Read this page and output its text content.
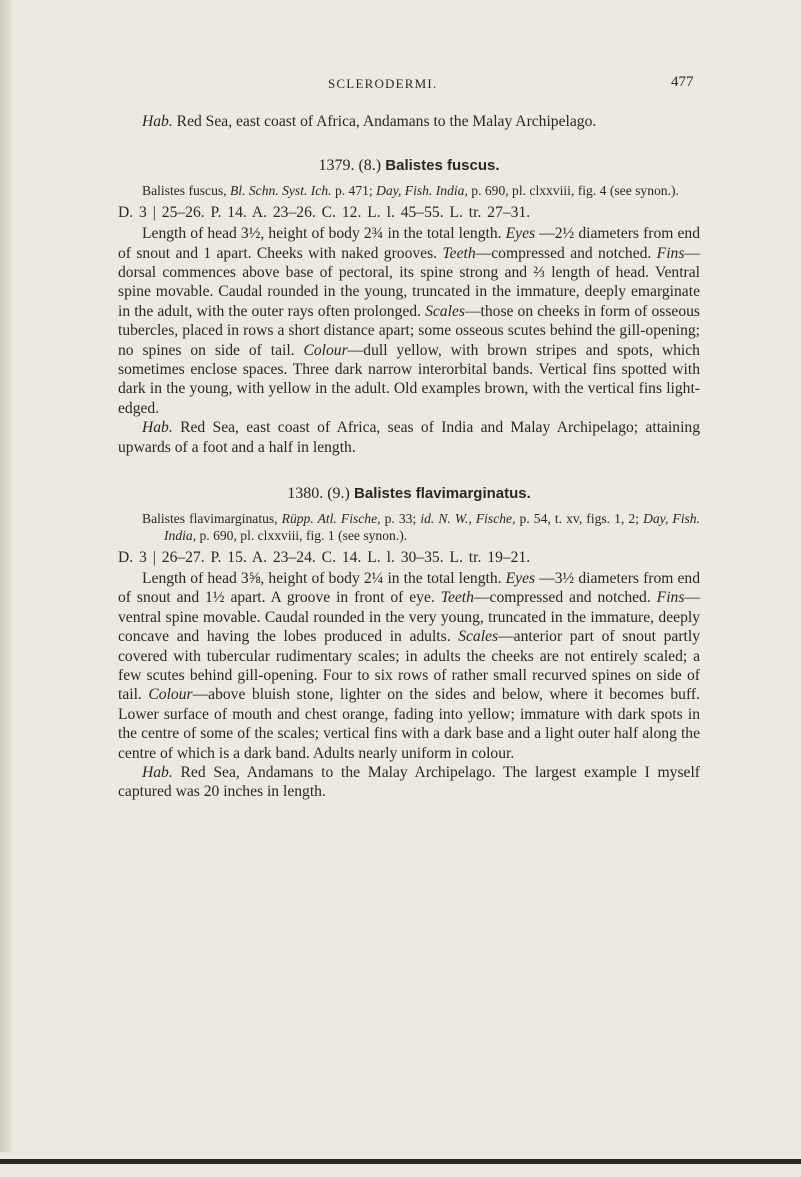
SCLERODERMI.	477

Hab. Red Sea, east coast of Africa, Andamans to the Malay Archipelago.

1379. (8.) Balistes fuscus.

Balistes fuscus, Bl. Schn. Syst. Ich. p. 471; Day, Fish. India, p. 690, pl. clxxviii, fig. 4 (see synon.).

D. 3 | 25–26. P. 14. A. 23–26. C. 12. L. l. 45–55. L. tr. 27–31.

Length of head 3½, height of body 2¾ in the total length. Eyes —2½ diameters from end of snout and 1 apart. Cheeks with naked grooves. Teeth—compressed and notched. Fins—dorsal commences above base of pectoral, its spine strong and ⅔ length of head. Ventral spine movable. Caudal rounded in the young, truncated in the immature, deeply emarginate in the adult, with the outer rays often prolonged. Scales—those on cheeks in form of osseous tubercles, placed in rows a short distance apart; some osseous scutes behind the gill-opening; no spines on side of tail. Colour—dull yellow, with brown stripes and spots, which sometimes enclose spaces. Three dark narrow interorbital bands. Vertical fins spotted with dark in the young, with yellow in the adult. Old examples brown, with the vertical fins light-edged.

Hab. Red Sea, east coast of Africa, seas of India and Malay Archipelago; attaining upwards of a foot and a half in length.

1380. (9.) Balistes flavimarginatus.

Balistes flavimarginatus, Rüpp. Atl. Fische, p. 33; id. N. W., Fische, p. 54, t. xv, figs. 1, 2; Day, Fish. India, p. 690, pl. clxxviii, fig. 1 (see synon.).

D. 3 | 26–27. P. 15. A. 23–24. C. 14. L. l. 30–35. L. tr. 19–21.

Length of head 3⅝, height of body 2¼ in the total length. Eyes —3½ diameters from end of snout and 1½ apart. A groove in front of eye. Teeth—compressed and notched. Fins—ventral spine movable. Caudal rounded in the very young, truncated in the immature, deeply concave and having the lobes produced in adults. Scales—anterior part of snout partly covered with tubercular rudimentary scales; in adults the cheeks are not entirely scaled; a few scutes behind gill-opening. Four to six rows of rather small recurved spines on side of tail. Colour—above bluish stone, lighter on the sides and below, where it becomes buff. Lower surface of mouth and chest orange, fading into yellow; immature with dark spots in the centre of some of the scales; vertical fins with a dark base and a light outer half along the centre of which is a dark band. Adults nearly uniform in colour.

Hab. Red Sea, Andamans to the Malay Archipelago. The largest example I myself captured was 20 inches in length.
